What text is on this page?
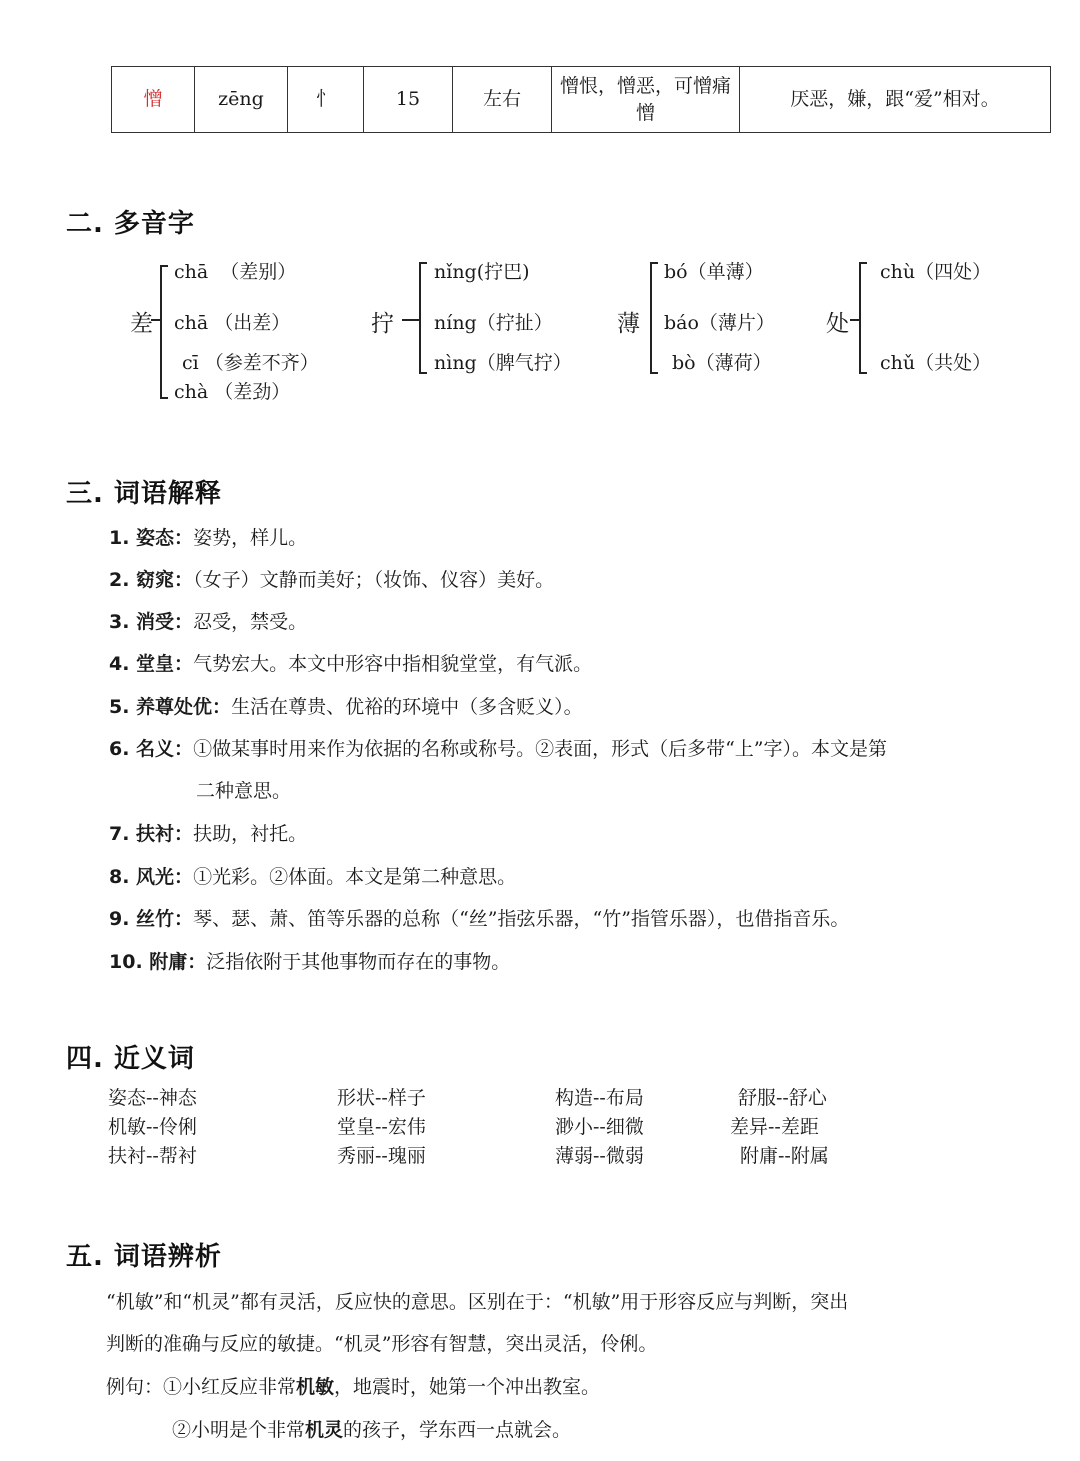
憎	zēng	忄	15	左右	憎恨，憎恶，可憎痛憎	厌恶，嫌，跟“爱”相对。
二. 多音字
差
chā  （差别）
chā （出差）
cī （参差不齐）
chà （差劲）
拧
nǐng(拧巴)
níng（拧扯）
nìng（脾气拧）
薄
bó（单薄）
báo（薄片）
bò（薄荷）
处
chù（四处）
chǔ（共处）
三. 词语解释
1. 姿态：姿势，样儿。
2. 窈窕：（女子）文静而美好；（妆饰、仪容）美好。
3. 消受：忍受，禁受。
4. 堂皇：气势宏大。本文中形容中指相貌堂堂，有气派。
5. 养尊处优：生活在尊贵、优裕的环境中（多含贬义）。
6. 名义：①做某事时用来作为依据的名称或称号。②表面，形式（后多带“上”字）。本文是第
二种意思。
7. 扶衬：扶助，衬托。
8. 风光：①光彩。②体面。本文是第二种意思。
9. 丝竹：琴、瑟、萧、笛等乐器的总称（“丝”指弦乐器，“竹”指管乐器），也借指音乐。
10. 附庸：泛指依附于其他事物而存在的事物。
四. 近义词
姿态--神态	形状--样子	构造--布局	舒服--舒心
机敏--伶俐	堂皇--宏伟	渺小--细微	差异--差距
扶衬--帮衬	秀丽--瑰丽	薄弱--微弱	附庸--附属
五. 词语辨析
“机敏”和“机灵”都有灵活，反应快的意思。区别在于：“机敏”用于形容反应与判断，突出
判断的准确与反应的敏捷。“机灵”形容有智慧，突出灵活，伶俐。
例句：①小红反应非常机敏，地震时，她第一个冲出教室。
②小明是个非常机灵的孩子，学东西一点就会。
